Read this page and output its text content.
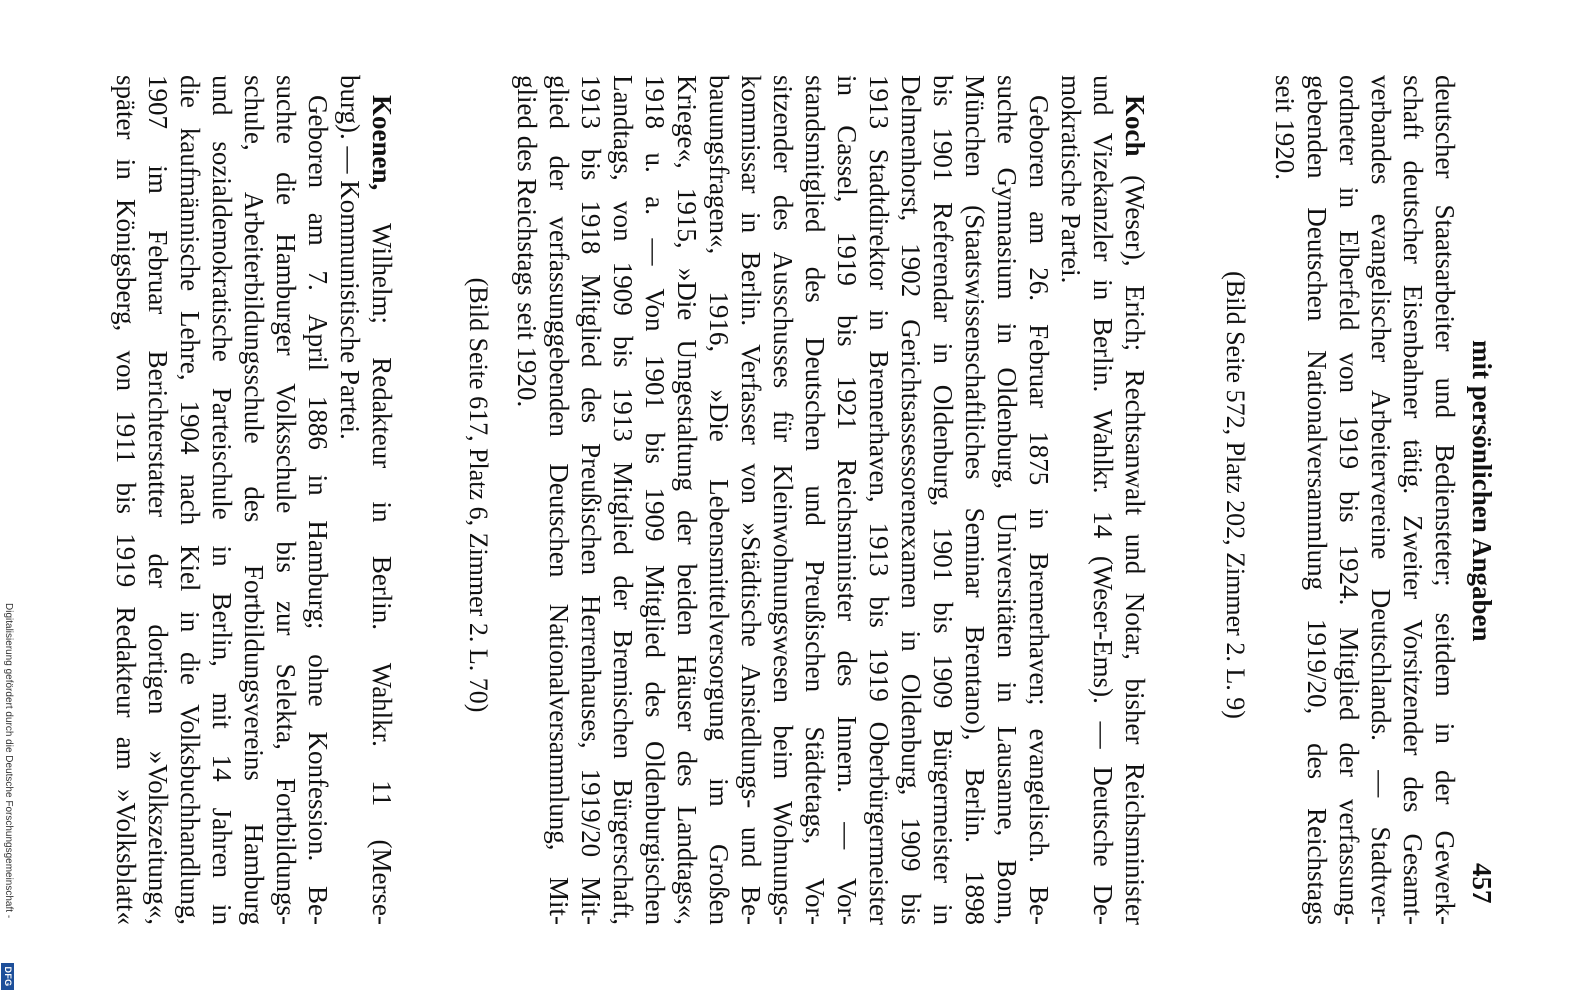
mit persönlichen Angaben
457
deutscher Staatsarbeiter und Bediensteter; seitdem in der Gewerk-
schaft deutscher Eisenbahner tätig. Zweiter Vorsitzender des Gesamt-
verbandes evangelischer Arbeitervereine Deutschlands. — Stadtver-
ordneter in Elberfeld von 1919 bis 1924. Mitglied der verfassung-
gebenden Deutschen Nationalversammlung 1919/20, des Reichstags
seit 1920.
(Bild Seite 572, Platz 202, Zimmer 2. L. 9)
Koch (Weser), Erich; Rechtsanwalt und Notar, bisher Reichsminister
und Vizekanzler in Berlin. Wahlkr. 14 (Weser-Ems). — Deutsche De-
mokratische Partei.
Geboren am 26. Februar 1875 in Bremerhaven; evangelisch. Be-
suchte Gymnasium in Oldenburg, Universitäten in Lausanne, Bonn,
München (Staatswissenschaftliches Seminar Brentano), Berlin. 1898
bis 1901 Referendar in Oldenburg, 1901 bis 1909 Bürgermeister in
Delmenhorst, 1902 Gerichtsassessorenexamen in Oldenburg, 1909 bis
1913 Stadtdirektor in Bremerhaven, 1913 bis 1919 Oberbürgermeister
in Cassel, 1919 bis 1921 Reichsminister des Innern. — Vor-
standsmitglied des Deutschen und Preußischen Städtetags, Vor-
sitzender des Ausschusses für Kleinwohnungswesen beim Wohnungs-
kommissar in Berlin. Verfasser von »Städtische Ansiedlungs- und Be-
bauungsfragen«, 1916, »Die Lebensmittelversorgung im Großen
Kriege«, 1915, »Die Umgestaltung der beiden Häuser des Landtags«,
1918 u. a. — Von 1901 bis 1909 Mitglied des Oldenburgischen
Landtags, von 1909 bis 1913 Mitglied der Bremischen Bürgerschaft,
1913 bis 1918 Mitglied des Preußischen Herrenhauses, 1919/20 Mit-
glied der verfassunggebenden Deutschen Nationalversammlung, Mit-
glied des Reichstags seit 1920.
(Bild Seite 617, Platz 6, Zimmer 2. L. 70)
Koenen, Wilhelm; Redakteur in Berlin. Wahlkr. 11 (Merse-
burg). — Kommunistische Partei.
Geboren am 7. April 1886 in Hamburg; ohne Konfession. Be-
suchte die Hamburger Volksschule bis zur Selekta, Fortbildungs-
schule, Arbeiterbildungsschule des Fortbildungsvereins Hamburg
und sozialdemokratische Parteischule in Berlin, mit 14 Jahren in
die kaufmännische Lehre, 1904 nach Kiel in die Volksbuchhandlung,
1907 im Februar Berichterstatter der dortigen »Volkszeitung«,
später in Königsberg, von 1911 bis 1919 Redakteur am »Volksblatt«
Digitalisierung gefördert durch die Deutsche Forschungsgemeinschaft -
DFG
